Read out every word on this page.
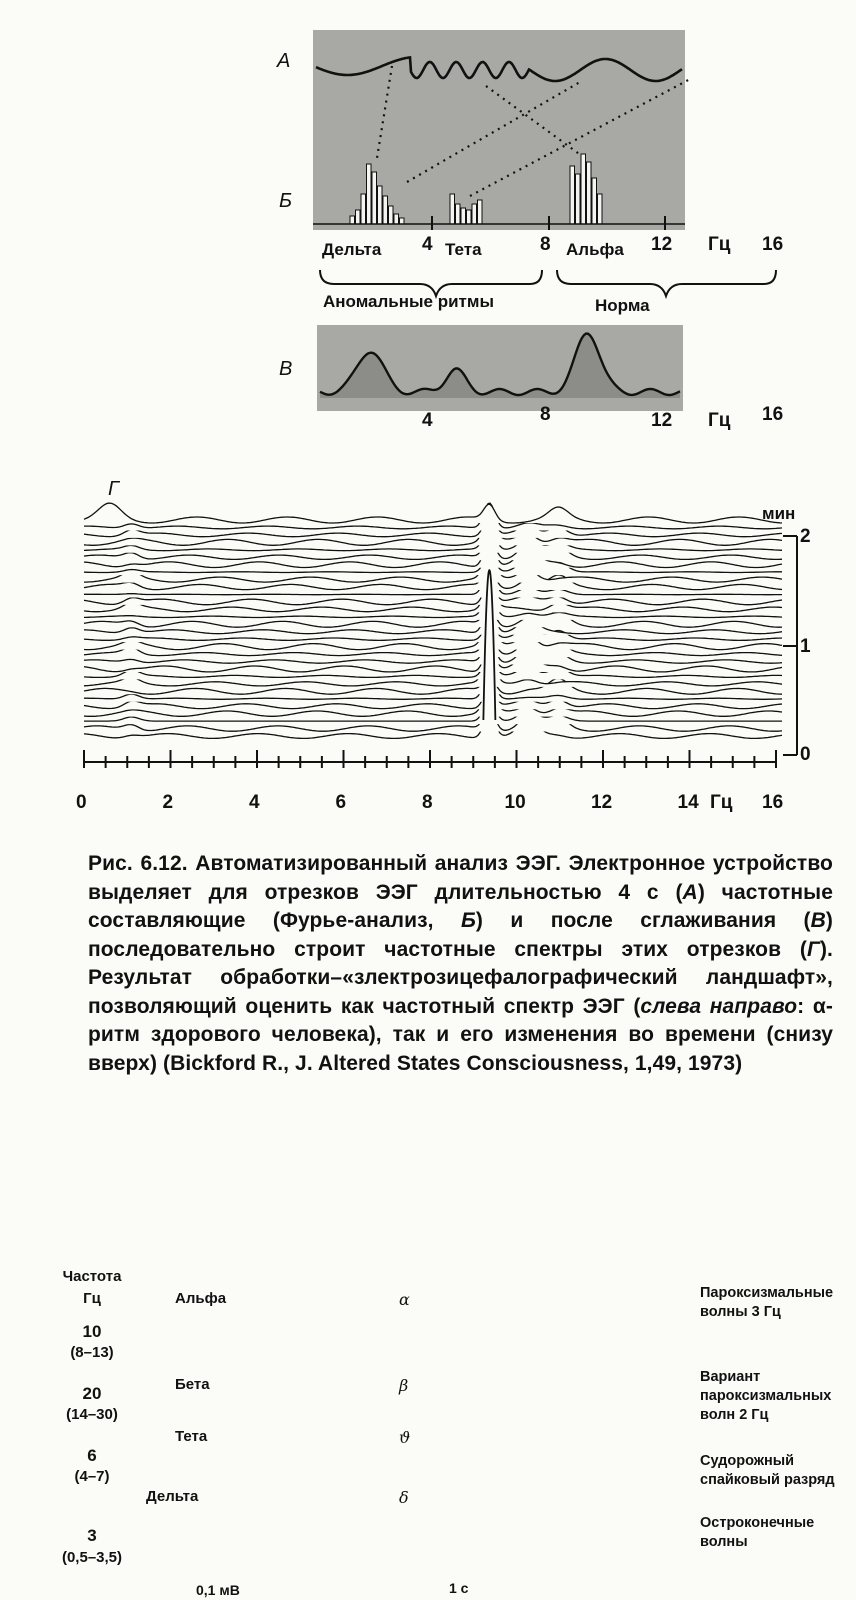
А
Б
В
Г
Дельта 4 Тета	8 Альфа 12 Гц 16
Аномальные ритмы	Норма
4	8	12 Гц 16
0	2	4	6	8	10	12	14	16
Гц
мин
2
1
0
Рис. 6.12. Автоматизированный анализ ЭЭГ. Электронное устройство выделяет для отрезков ЭЭГ длительностью 4 с (А) частотные составляющие (Фурье-анализ, Б) и после сглаживания (В) последовательно строит частотные спектры этих отрезков (Г). Результат обработки–«злектрозицефалографический ландшафт», позволяющий оценить как частотный спектр ЭЭГ (слева направо: α-ритм здорового человека), так и его изменения во времени (снизу вверх) (Bickford R., J. Altered States Consciousness, 1,49, 1973)
Частота
Гц
10
(8–13)
20
(14–30)
6
(4–7)
3
(0,5–3,5)
Альфа	α
Бета	β
Тета	ϑ
Дельта	δ
0,1 мВ	1 с
Пароксизмальные волны 3 Гц
Вариант пароксизмальных волн 2 Гц
Судорожный спайковый разряд
Остроконечные волны
